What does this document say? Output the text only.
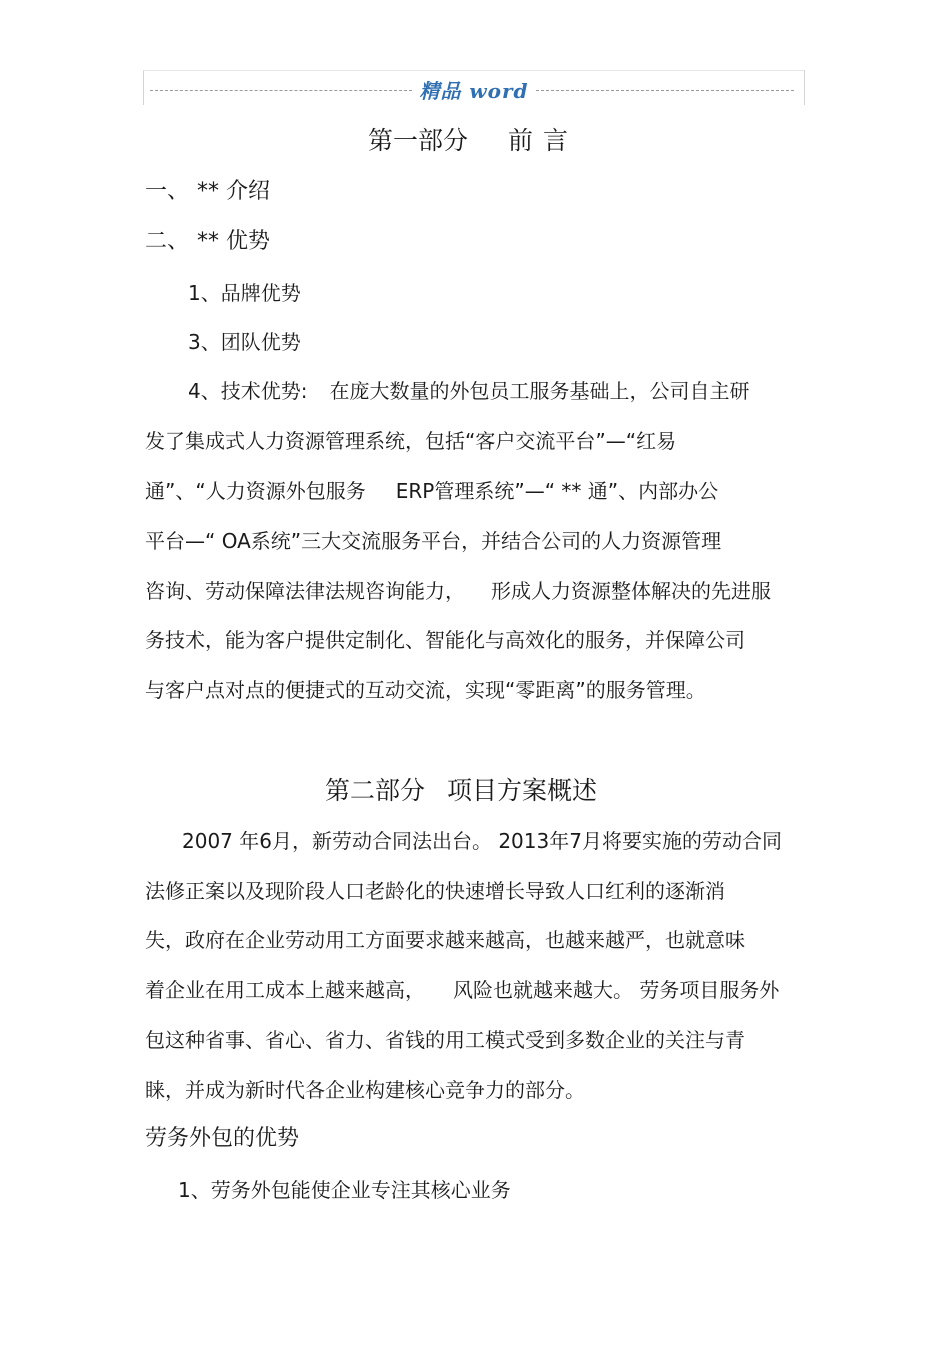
精品 word
第一部分 前 言
一、 ** 介绍
二、 ** 优势
1、品牌优势
3、团队优势
4、技术优势: 在庞大数量的外包员工服务基础上，公司自主研
发了集成式人力资源管理系统，包括“客户交流平台”—“红易
通”、“人力资源外包服务 ERP管理系统”—“ ** 通”、内部办公
平台—“ OA系统”三大交流服务平台，并结合公司的人力资源管理
咨询、劳动保障法律法规咨询能力， 形成人力资源整体解决的先进服
务技术，能为客户提供定制化、智能化与高效化的服务，并保障公司
与客户点对点的便捷式的互动交流，实现“零距离”的服务管理。
第二部分 项目方案概述
2007 年6月，新劳动合同法出台。 2013年7月将要实施的劳动合同
法修正案以及现阶段人口老龄化的快速增长导致人口红利的逐渐消
失，政府在企业劳动用工方面要求越来越高，也越来越严，也就意味
着企业在用工成本上越来越高， 风险也就越来越大。 劳务项目服务外
包这种省事、省心、省力、省钱的用工模式受到多数企业的关注与青
睐，并成为新时代各企业构建核心竞争力的部分。
劳务外包的优势
1、劳务外包能使企业专注其核心业务
